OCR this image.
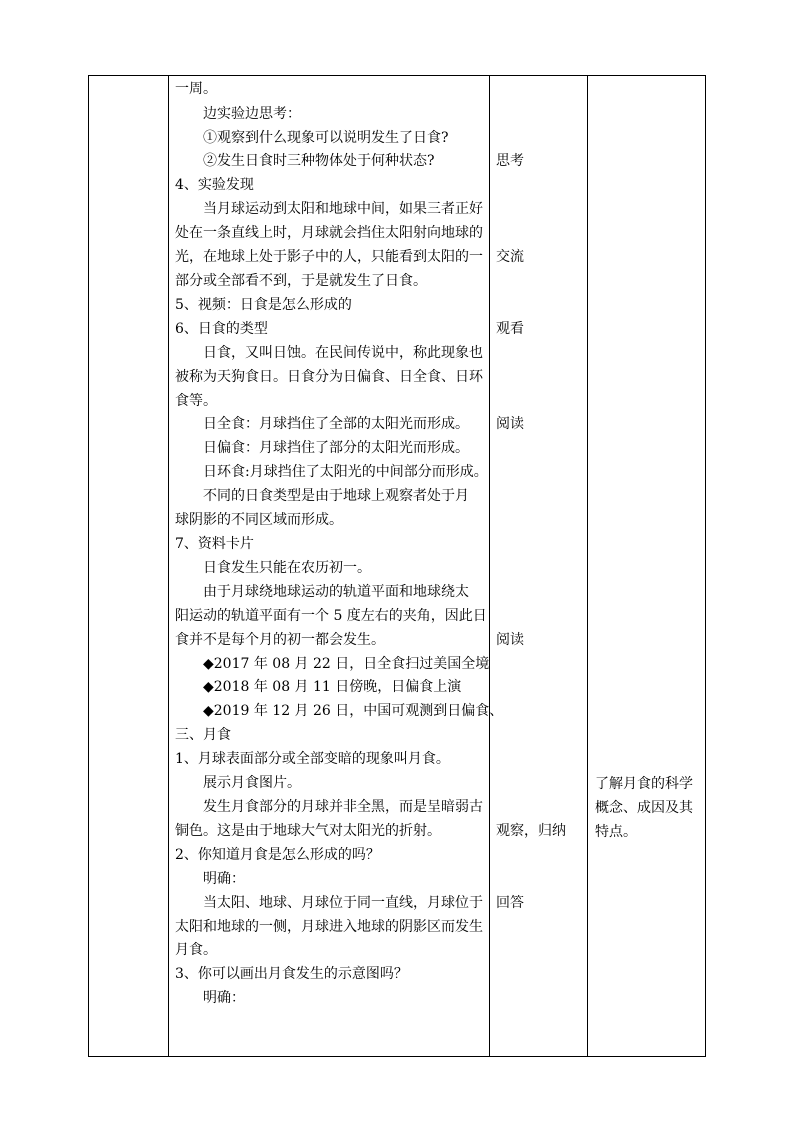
一周。
边实验边思考：
①观察到什么现象可以说明发生了日食?
②发生日食时三种物体处于何种状态?
4、实验发现
当月球运动到太阳和地球中间，如果三者正好
处在一条直线上时，月球就会挡住太阳射向地球的
光，在地球上处于影子中的人，只能看到太阳的一
部分或全部看不到，于是就发生了日食。
5、视频：日食是怎么形成的
6、日食的类型
日食，又叫日蚀。在民间传说中，称此现象也
被称为天狗食日。日食分为日偏食、日全食、日环
食等。
日全食：月球挡住了全部的太阳光而形成。
日偏食：月球挡住了部分的太阳光而形成。
日环食:月球挡住了太阳光的中间部分而形成。
不同的日食类型是由于地球上观察者处于月
球阴影的不同区域而形成。
7、资料卡片
日食发生只能在农历初一。
由于月球绕地球运动的轨道平面和地球绕太
阳运动的轨道平面有一个 5 度左右的夹角，因此日
食并不是每个月的初一都会发生。
◆2017 年 08 月 22 日，日全食扫过美国全境
◆2018 年 08 月 11 日傍晚，日偏食上演
◆2019 年 12 月 26 日，中国可观测到日偏食、
三、月食
1、月球表面部分或全部变暗的现象叫月食。
展示月食图片。
发生月食部分的月球并非全黑，而是呈暗弱古
铜色。这是由于地球大气对太阳光的折射。
2、你知道月食是怎么形成的吗？
明确：
当太阳、地球、月球位于同一直线，月球位于
太阳和地球的一侧，月球进入地球的阴影区而发生
月食。
3、你可以画出月食发生的示意图吗？
明确：
思考
交流
观看
阅读
阅读
观察，归纳
回答
了解月食的科学
概念、成因及其
特点。
